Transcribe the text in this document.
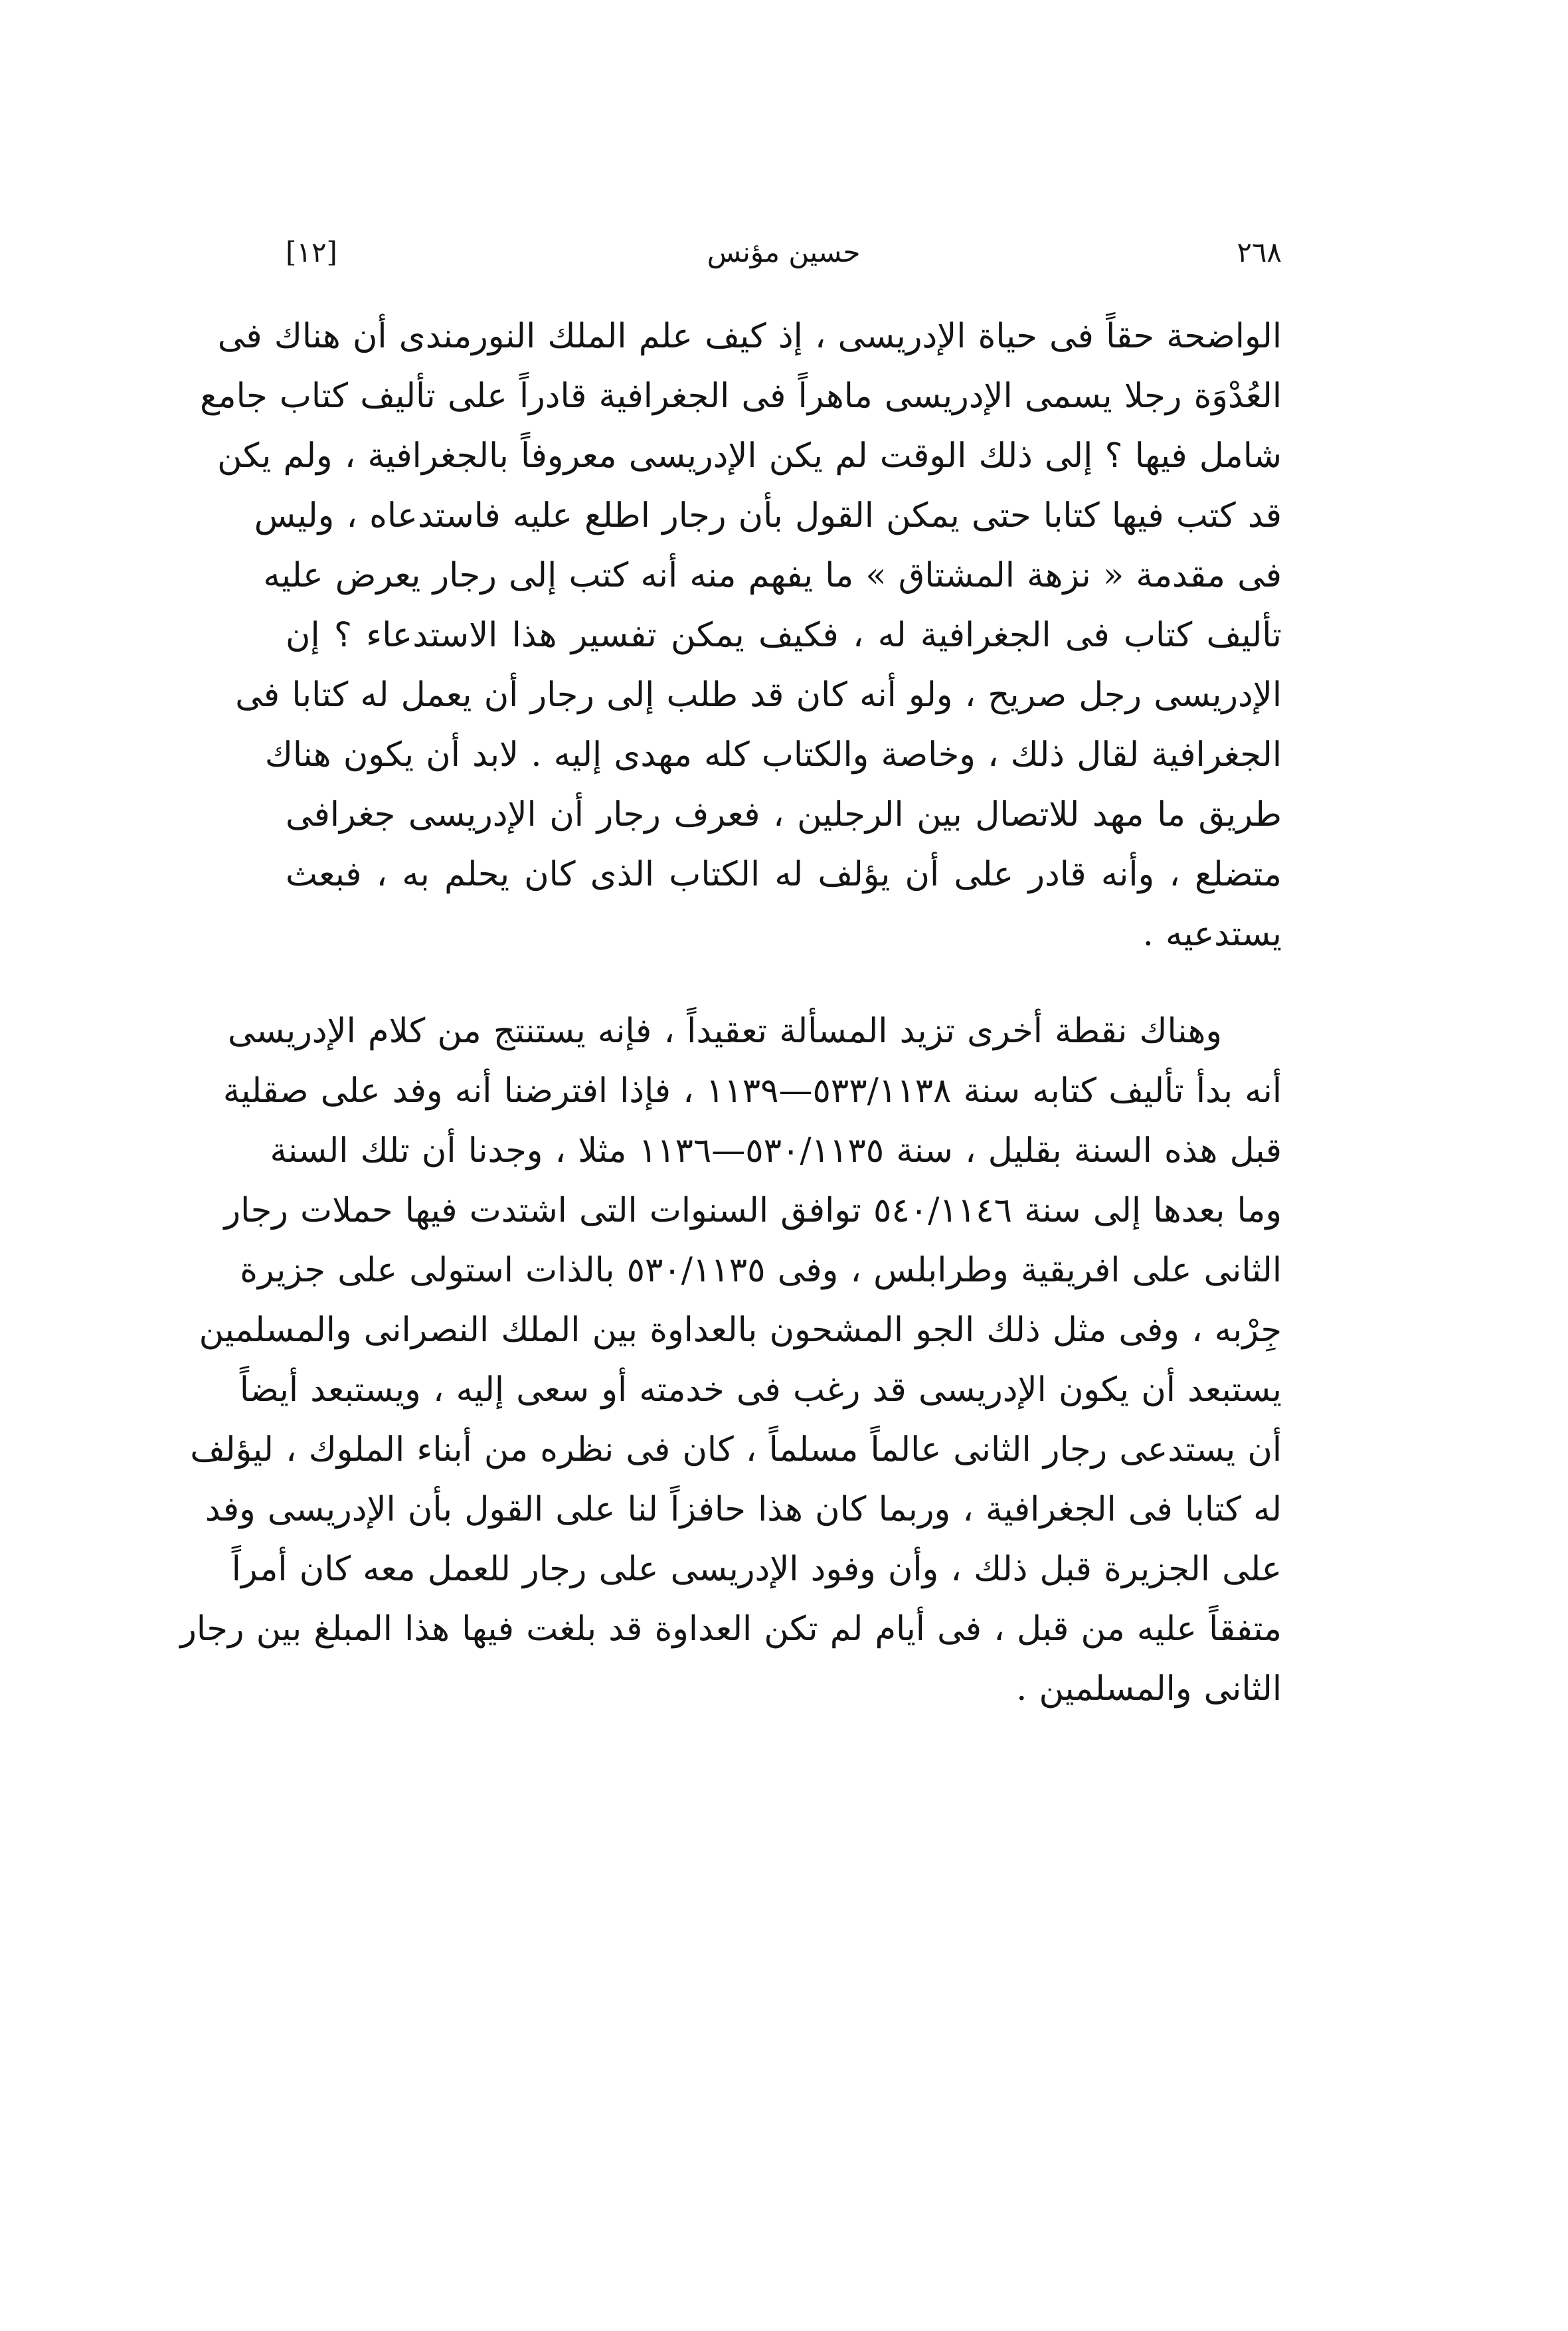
٢٦٨
حسين مؤنس
[١٢]

الواضحة حقاً فى حياة الإدريسى ، إذ كيف علم الملك النورمندى أن هناك فى
العُدْوَة رجلا يسمى الإدريسى ماهراً فى الجغرافية قادراً على تأليف كتاب جامع
شامل فيها ؟ إلى ذلك الوقت لم يكن الإدريسى معروفاً بالجغرافية ، ولم يكن
قد كتب فيها كتابا حتى يمكن القول بأن رجار اطلع عليه فاستدعاه ، وليس
فى مقدمة « نزهة المشتاق » ما يفهم منه أنه كتب إلى رجار يعرض عليه
تأليف كتاب فى الجغرافية له ، فكيف يمكن تفسير هذا الاستدعاء ؟ إن
الإدريسى رجل صريح ، ولو أنه كان قد طلب إلى رجار أن يعمل له كتابا فى
الجغرافية لقال ذلك ، وخاصة والكتاب كله مهدى إليه . لابد أن يكون هناك
طريق ما مهد للاتصال بين الرجلين ، فعرف رجار أن الإدريسى جغرافى
متضلع ، وأنه قادر على أن يؤلف له الكتاب الذى كان يحلم به ، فبعث
يستدعيه .

وهناك نقطة أخرى تزيد المسألة تعقيداً ، فإنه يستنتج من كلام الإدريسى
أنه بدأ تأليف كتابه سنة ٥٣٣/١١٣٨—١١٣٩ ، فإذا افترضنا أنه وفد على صقلية
قبل هذه السنة بقليل ، سنة ٥٣٠/١١٣٥—١١٣٦ مثلا ، وجدنا أن تلك السنة
وما بعدها إلى سنة ٥٤٠/١١٤٦ توافق السنوات التى اشتدت فيها حملات رجار
الثانى على افريقية وطرابلس ، وفى ٥٣٠/١١٣٥ بالذات استولى على جزيرة
جِرْبه ، وفى مثل ذلك الجو المشحون بالعداوة بين الملك النصرانى والمسلمين
يستبعد أن يكون الإدريسى قد رغب فى خدمته أو سعى إليه ، ويستبعد أيضاً
أن يستدعى رجار الثانى عالماً مسلماً ، كان فى نظره من أبناء الملوك ، ليؤلف
له كتابا فى الجغرافية ، وربما كان هذا حافزاً لنا على القول بأن الإدريسى وفد
على الجزيرة قبل ذلك ، وأن وفود الإدريسى على رجار للعمل معه كان أمراً
متفقاً عليه من قبل ، فى أيام لم تكن العداوة قد بلغت فيها هذا المبلغ بين رجار
الثانى والمسلمين .
